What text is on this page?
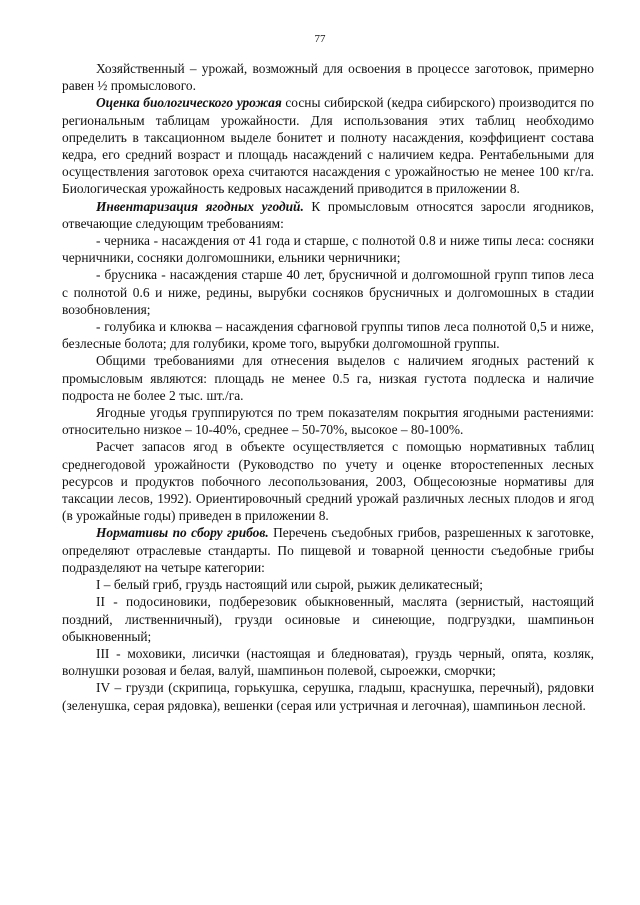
77

Хозяйственный – урожай, возможный для освоения в процессе заготовок, примерно равен ½ промыслового.

Оценка биологического урожая сосны сибирской (кедра сибирского) производится по региональным таблицам урожайности. Для использования этих таблиц необходимо определить в таксационном выделе бонитет и полноту насаждения, коэффициент состава кедра, его средний возраст и площадь насаждений с наличием кедра. Рентабельными для осуществления заготовок ореха считаются насаждения с урожайностью не менее 100 кг/га. Биологическая урожайность кедровых насаждений приводится в приложении 8.

Инвентаризация ягодных угодий. К промысловым относятся заросли ягодников, отвечающие следующим требованиям:

- черника - насаждения от 41 года и старше, с полнотой 0.8 и ниже типы леса: сосняки черничники, сосняки долгомошники, ельники черничники;

- брусника - насаждения старше 40 лет, брусничной и долгомошной групп типов леса с полнотой 0.6 и ниже, редины, вырубки сосняков брусничных и долгомошных в стадии возобновления;

- голубика и клюква – насаждения сфагновой группы типов леса полнотой 0,5 и ниже, безлесные болота; для голубики, кроме того, вырубки долгомошной группы.

Общими требованиями для отнесения выделов с наличием ягодных растений к промысловым являются: площадь не менее 0.5 га, низкая густота подлеска и наличие подроста не более 2 тыс. шт./га.

Ягодные угодья группируются по трем показателям покрытия ягодными растениями: относительно низкое – 10-40%, среднее – 50-70%, высокое – 80-100%.

Расчет запасов ягод в объекте осуществляется с помощью нормативных таблиц среднегодовой урожайности (Руководство по учету и оценке второстепенных лесных ресурсов и продуктов побочного лесопользования, 2003, Общесоюзные нормативы для таксации лесов, 1992). Ориентировочный средний урожай различных лесных плодов и ягод (в урожайные годы) приведен в приложении 8.

Нормативы по сбору грибов. Перечень съедобных грибов, разрешенных к заготовке, определяют отраслевые стандарты. По пищевой и товарной ценности съедобные грибы подразделяют на четыре категории:

I – белый гриб, груздь настоящий или сырой, рыжик деликатесный;

II - подосиновики, подберезовик обыкновенный, маслята (зернистый, настоящий поздний, лиственничный), грузди осиновые и синеющие, подгруздки, шампиньон обыкновенный;

III - моховики, лисички (настоящая и бледноватая), груздь черный, опята, козляк, волнушки розовая и белая, валуй, шампиньон полевой, сыроежки, сморчки;

IV – грузди (скрипица, горькушка, серушка, гладыш, краснушка, перечный), рядовки (зеленушка, серая рядовка), вешенки (серая или устричная и легочная), шампиньон лесной.
